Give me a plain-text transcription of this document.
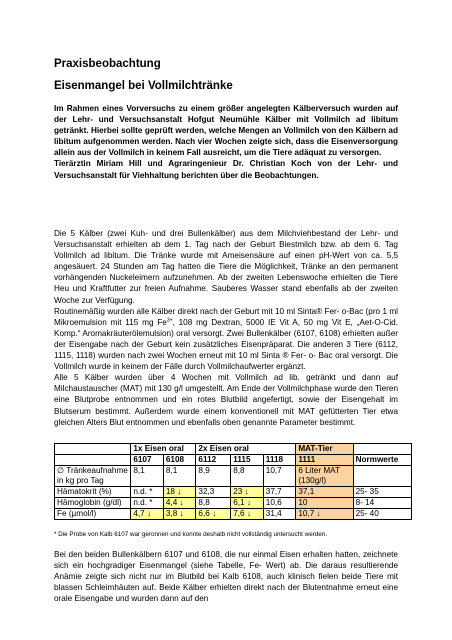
Praxisbeobachtung
Eisenmangel bei Vollmilchtränke

Im Rahmen eines Vorversuchs zu einem größer angelegten Kälberversuch wurden auf der Lehr- und Versuchsanstalt Hofgut Neumühle Kälber mit Vollmilch ad libitum getränkt. Hierbei sollte geprüft werden, welche Mengen an Vollmilch von den Kälbern ad libitum aufgenommen werden. Nach vier Wochen zeigte sich, dass die Eisenversorgung allein aus der Vollmilch in keinem Fall ausreicht, um die Tiere adäquat zu versorgen.

Tierärztin Miriam Hill und Agraringenieur Dr. Christian Koch von der Lehr- und Versuchsanstalt für Viehhaltung berichten über die Beobachtungen.

Die 5 Kälber (zwei Kuh- und drei Bullenkälber) aus dem Milchviehbestand der Lehr- und Versuchsanstalt erhielten ab dem 1. Tag nach der Geburt Biestmilch bzw. ab dem 6. Tag Vollmilch ad libitum. Die Tränke wurde mit Ameisensäure auf einen pH-Wert von ca. 5,5 angesäuert. 24 Stunden am Tag hatten die Tiere die Möglichkeit, Tränke an den permanent vorhängenden Nuckeleimern aufzunehmen. Ab der zweiten Lebenswoche erhielten die Tiere Heu und Kraftfutter zur freien Aufnahme. Sauberes Wasser stand ebenfalls ab der zweiten Woche zur Verfügung.

Routinemäßig wurden alle Kälber direkt nach der Geburt mit 10 ml Sinta® Fer- o-Bac (pro 1 ml Mikroemulsion mit 115 mg $Fe^{3+}$, 108 mg Dextran, 5000 IE Vit A, 50 mg Vit E, „Aet-O-Cid. Komp.“ Aromakräuterölemulsion) oral versorgt. Zwei Bullenkälber (6107, 6108) erhielten außer der Eisengabe nach der Geburt kein zusätzliches Eisenpräparat. Die anderen 3 Tiere (6112, 1115, 1118) wurden nach zwei Wochen erneut mit 10 ml Sinta ® Fer- o- Bac oral versorgt. Die Vollmilch wurde in keinem der Fälle durch Vollmilchaufwerter ergänzt.

Alle 5 Kälber wurden über 4 Wochen mit Vollmilch ad lib. getränkt und dann auf Milchaustauscher (MAT) mit 130 g/l umgestellt. Am Ende der Vollmilchphase wurde den Tieren eine Blutprobe entnommen und ein rotes Blutbild angefertigt, sowie der Eisengehalt im Blutserum bestimmt. Außerdem wurde einem konventionell mit MAT gefütterten Tier etwa gleichen Alters Blut entnommen und ebenfalls oben genannte Parameter bestimmt.

	1x Eisen oral		2x Eisen oral			MAT-Tier	
	6107	6108	6112	1115	1118	1111	Normwerte
∅ Tränkeaufnahme in kg pro Tag	8,1	8,1	8,9	8,8	10,7	6 Liter MAT (130g/l)	
Hämatokrit (%)	n.d. *	18 ↓	32,3	23 ↓	37,7	37,1	25- 35
Hämoglobin (g/dl)	n.d. *	4,4 ↓	8,8	6,1 ↓	10,6	10	8- 14
Fe (µmol/l)	4,7 ↓	3,8 ↓	6,6 ↓	7,6 ↓	31,4	10,7 ↓	25- 40
* Die Probe von Kalb 6107 war geronnen und konnte deshalb nicht vollständig untersucht werden.
Bei den beiden Bullenkälbern 6107 und 6108, die nur einmal Eisen erhalten hatten, zeichnete sich ein hochgradiger Eisenmangel (siehe Tabelle, Fe- Wert) ab. Die daraus resultierende Anämie zeigte sich nicht nur im Blutbild bei Kalb 6108, auch klinisch fielen beide Tiere mit blassen Schleimhäuten auf. Beide Kälber erhielten direkt nach der Blutentnahme erneut eine orale Eisengabe und wurden dann auf den
